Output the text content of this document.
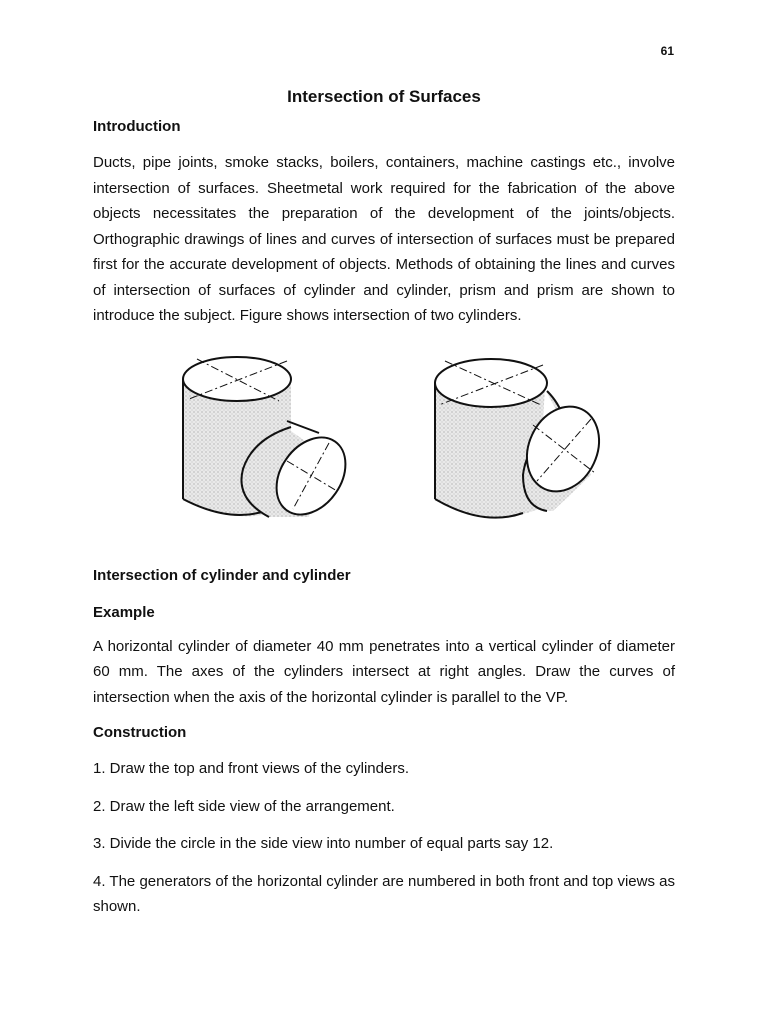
61
Intersection of Surfaces
Introduction

Ducts, pipe joints, smoke stacks, boilers, containers, machine castings etc., involve intersection of surfaces. Sheetmetal work required for the fabrication of the above objects necessitates the preparation of the development of the joints/objects. Orthographic drawings of lines and curves of intersection of surfaces must be prepared first for the accurate development of objects. Methods of obtaining the lines and curves of intersection of surfaces of cylinder and cylinder, prism and prism are shown to introduce the subject. Figure shows intersection of two cylinders.

Intersection of cylinder and cylinder
Example

A horizontal cylinder of diameter 40 mm penetrates into a vertical cylinder of diameter 60 mm. The axes of the cylinders intersect at right angles. Draw the curves of intersection when the axis of the horizontal cylinder is parallel to the VP.

Construction

1. Draw the top and front views of the cylinders.

2. Draw the left side view of the arrangement.

3. Divide the circle in the side view into number of equal parts say 12.

4. The generators of the horizontal cylinder are numbered in both front and top views as shown.
